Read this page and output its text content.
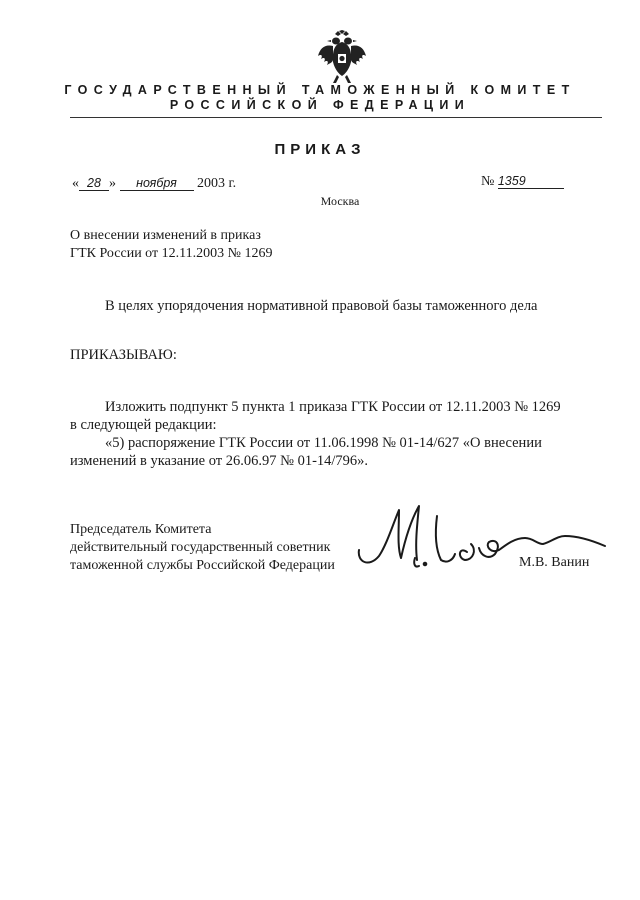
ГОСУДАРСТВЕННЫЙ ТАМОЖЕННЫЙ КОМИТЕТ
РОССИЙСКОЙ ФЕДЕРАЦИИ
ПРИКАЗ
« 28 » ноября 2003 г.	№ 1359
Москва
О внесении изменений в приказ
ГТК России от 12.11.2003 № 1269
В целях упорядочения нормативной правовой базы таможенного дела
ПРИКАЗЫВАЮ:
Изложить подпункт 5 пункта 1 приказа ГТК России от 12.11.2003 № 1269
в следующей редакции:
«5) распоряжение ГТК России от 11.06.1998 № 01-14/627 «О внесении
изменений в указание от 26.06.97 № 01-14/796».
Председатель Комитета
действительный государственный советник
таможенной службы Российской Федерации	М.В. Ванин
